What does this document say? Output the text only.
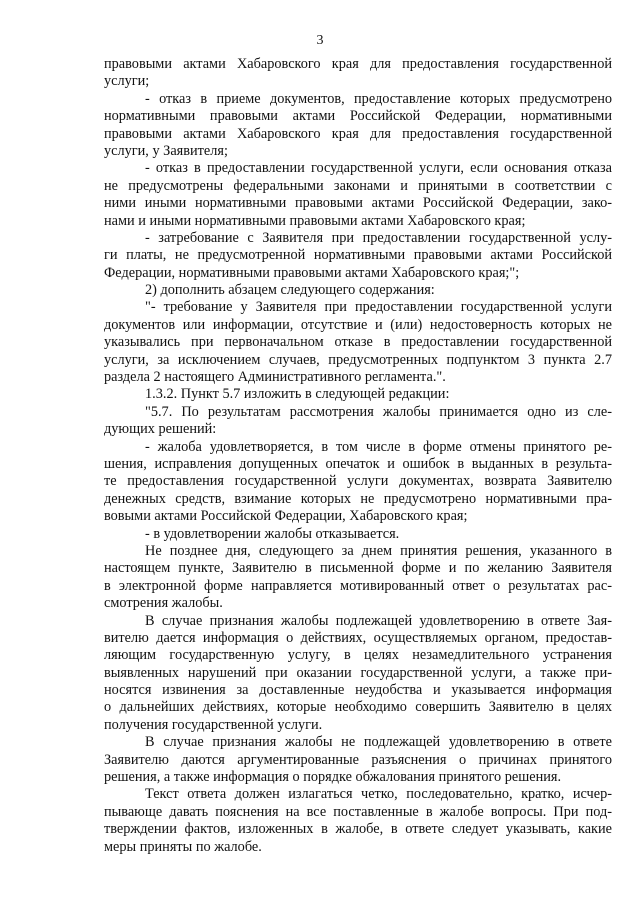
3
правовыми актами Хабаровского края для предоставления государственной
услуги;
- отказ в приеме документов, предоставление которых предусмотрено
нормативными правовыми актами Российской Федерации, нормативными
правовыми актами Хабаровского края для предоставления государственной
услуги, у Заявителя;
- отказ в предоставлении государственной услуги, если основания отказа
не предусмотрены федеральными законами и принятыми в соответствии с
ними иными нормативными правовыми актами Российской Федерации, зако-
нами и иными нормативными правовыми актами Хабаровского края;
- затребование с Заявителя при предоставлении государственной услу-
ги платы, не предусмотренной нормативными правовыми актами Российской
Федерации, нормативными правовыми актами Хабаровского края;";
2) дополнить абзацем следующего содержания:
"- требование у Заявителя при предоставлении государственной услуги
документов или информации, отсутствие и (или) недостоверность которых не
указывались при первоначальном отказе в предоставлении государственной
услуги, за исключением случаев, предусмотренных подпунктом 3 пункта 2.7
раздела 2 настоящего Административного регламента.".
1.3.2. Пункт 5.7 изложить в следующей редакции:
"5.7. По результатам рассмотрения жалобы принимается одно из сле-
дующих решений:
- жалоба удовлетворяется, в том числе в форме отмены принятого ре-
шения, исправления допущенных опечаток и ошибок в выданных в результа-
те предоставления государственной услуги документах, возврата Заявителю
денежных средств, взимание которых не предусмотрено нормативными пра-
вовыми актами Российской Федерации, Хабаровского края;
- в удовлетворении жалобы отказывается.
Не позднее дня, следующего за днем принятия решения, указанного в
настоящем пункте, Заявителю в письменной форме и по желанию Заявителя
в электронной форме направляется мотивированный ответ о результатах рас-
смотрения жалобы.
В случае признания жалобы подлежащей удовлетворению в ответе Зая-
вителю дается информация о действиях, осуществляемых органом, предостав-
ляющим государственную услугу, в целях незамедлительного устранения
выявленных нарушений при оказании государственной услуги, а также при-
носятся извинения за доставленные неудобства и указывается информация
о дальнейших действиях, которые необходимо совершить Заявителю в целях
получения государственной услуги.
В случае признания жалобы не подлежащей удовлетворению в ответе
Заявителю даются аргументированные разъяснения о причинах принятого
решения, а также информация о порядке обжалования принятого решения.
Текст ответа должен излагаться четко, последовательно, кратко, исчер-
пывающе давать пояснения на все поставленные в жалобе вопросы. При под-
тверждении фактов, изложенных в жалобе, в ответе следует указывать, какие
меры приняты по жалобе.
